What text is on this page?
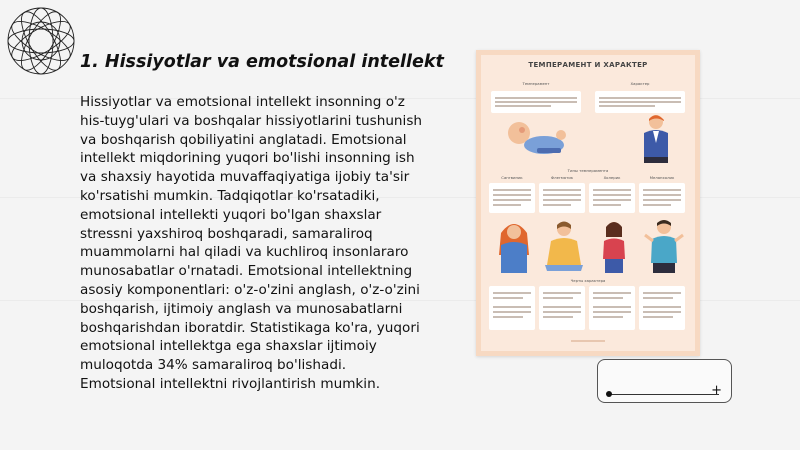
1. Hissiyotlar va emotsional intellekt

Hissiyotlar va emotsional intellekt insonning o'z his-tuyg'ulari va boshqalar hissiyotlarini tushunish va boshqarish qobiliyatini anglatadi. Emotsional intellekt miqdorining yuqori bo'lishi insonning ish va shaxsiy hayotida muvaffaqiyatiga ijobiy ta'sir ko'rsatishi mumkin. Tadqiqotlar ko'rsatadiki, emotsional intellekti yuqori bo'lgan shaxslar stressni yaxshiroq boshqaradi, samaraliroq muammolarni hal qiladi va kuchliroq insonlararo munosabatlar o'rnatadi. Emotsional intellektning asosiy komponentlari: o'z-o'zini anglash, o'z-o'zini boshqarish, ijtimoiy anglash va munosabatlarni boshqarishdan iboratdir. Statistikaga ko'ra, yuqori emotsional intellektga ega shaxslar ijtimoiy muloqotda 34% samaraliroq bo'lishadi. Emotsional intellektni rivojlantirish mumkin.

ТЕМПЕРАМЕНТ И ХАРАКТЕР
Темперамент	Характер
Типы темперамента
Сангвиник	Флегматик	Холерик	Меланхолик
Черты характера
+
